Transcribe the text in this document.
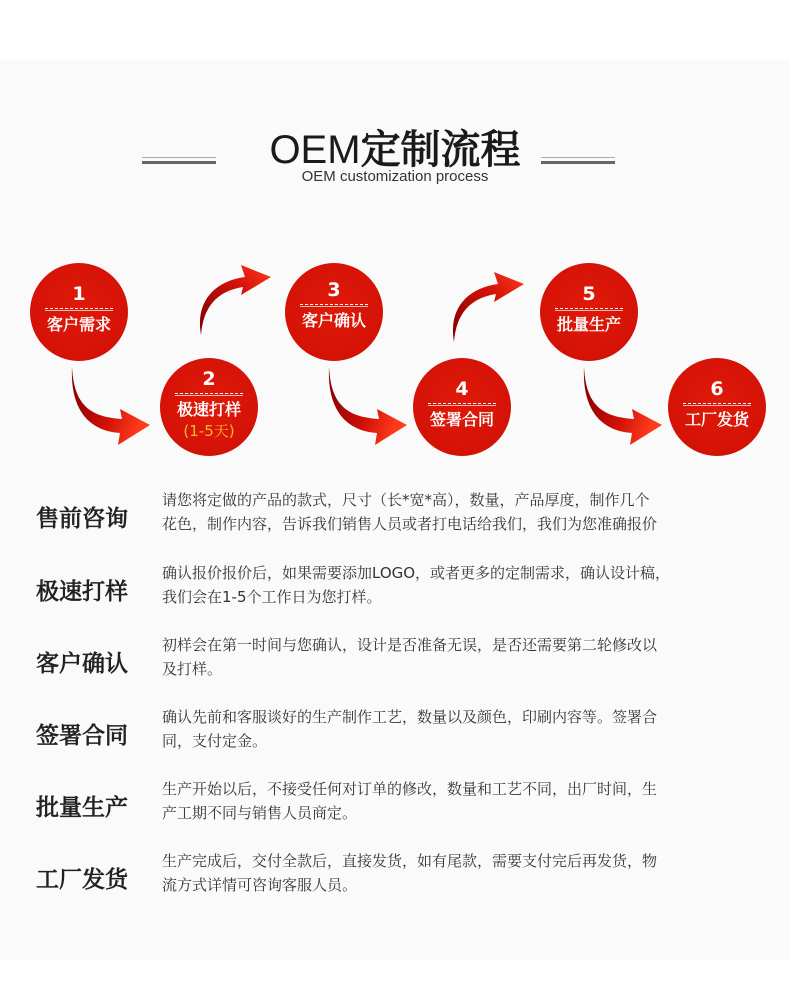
OEM定制流程
OEM customization process
1
客户需求
2
极速打样
(1-5天)
3
客户确认
4
签署合同
5
批量生产
6
工厂发货
售前咨询
请您将定做的产品的款式，尺寸（长*宽*高），数量，产品厚度，制作几个
花色，制作内容，告诉我们销售人员或者打电话给我们，我们为您准确报价
极速打样
确认报价报价后，如果需要添加LOGO，或者更多的定制需求，确认设计稿，
我们会在1-5个工作日为您打样。
客户确认
初样会在第一时间与您确认，设计是否准备无误，是否还需要第二轮修改以
及打样。
签署合同
确认先前和客服谈好的生产制作工艺，数量以及颜色，印刷内容等。签署合
同，支付定金。
批量生产
生产开始以后，不接受任何对订单的修改，数量和工艺不同，出厂时间，生
产工期不同与销售人员商定。
工厂发货
生产完成后，交付全款后，直接发货，如有尾款，需要支付完后再发货，物
流方式详情可咨询客服人员。
